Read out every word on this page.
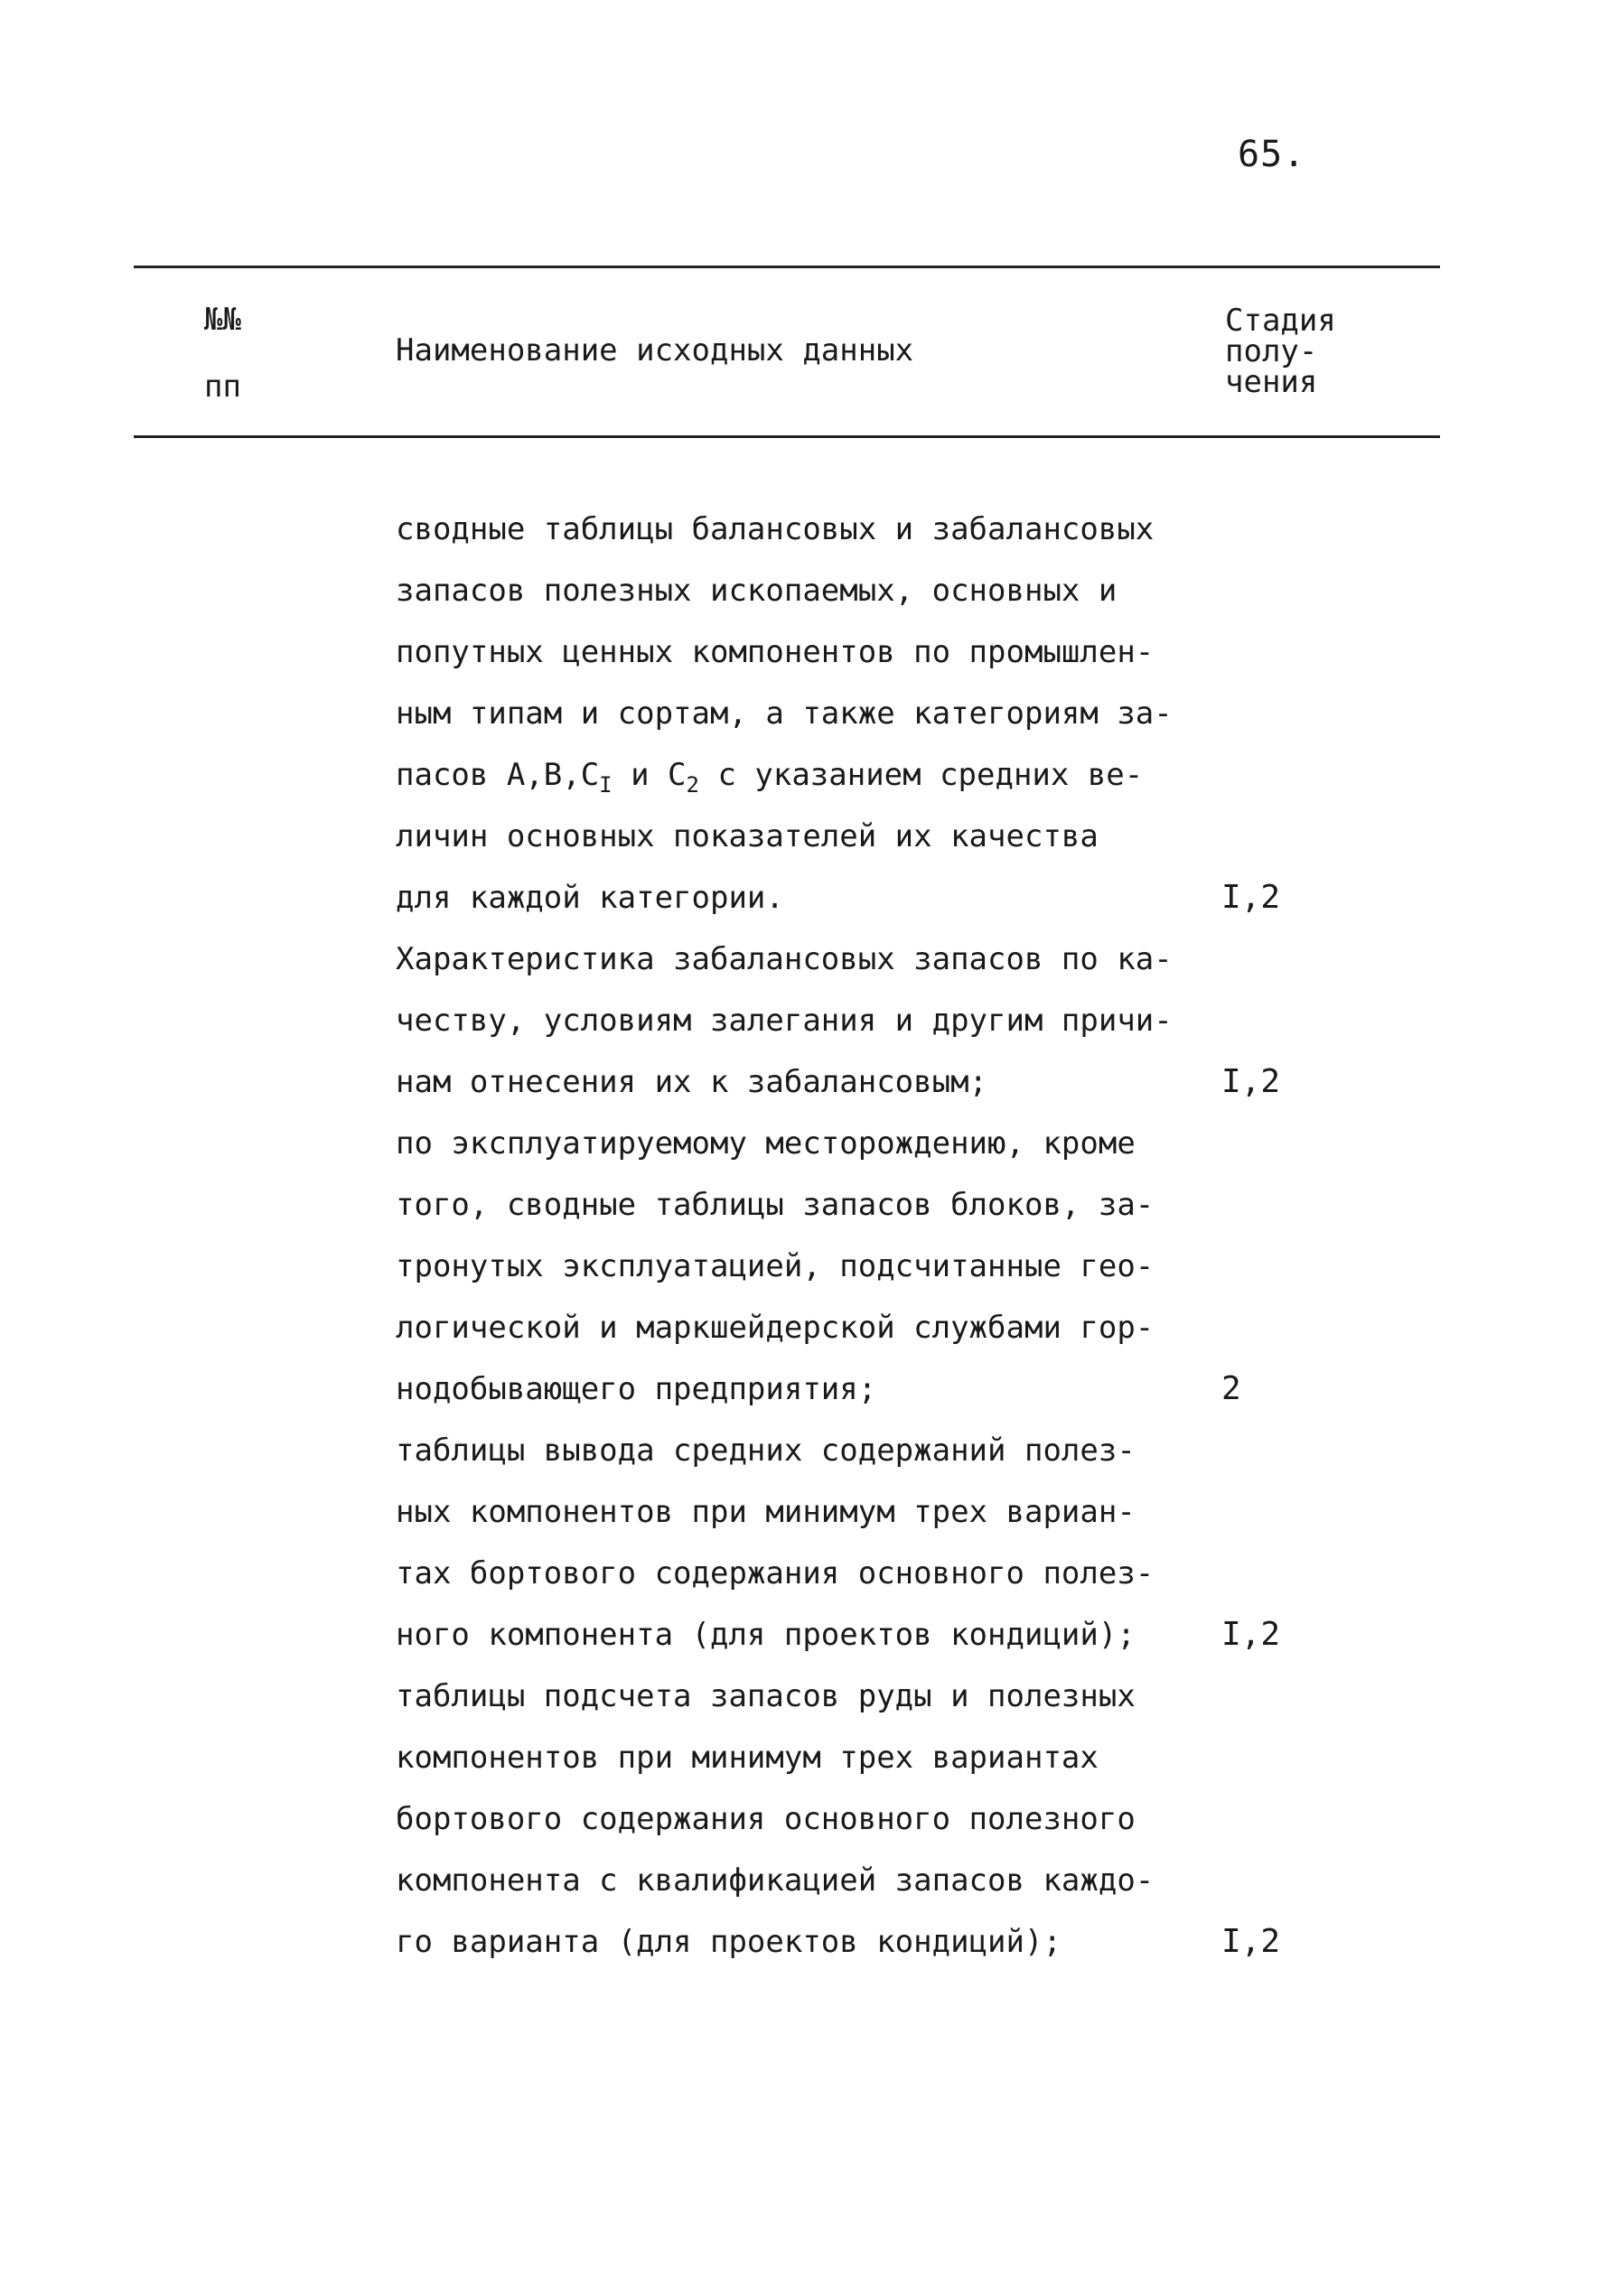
65.
№№
пп
Наименование исходных данных
Стадия
полу-
чения
сводные таблицы балансовых и забалансовых
запасов полезных ископаемых, основных и
попутных ценных компонентов по промышлен-
ным типам и сортам, а также категориям за-
пасов $А,В,С_I$ и $С_2$ с указанием средних ве-
личин основных показателей их качества
для каждой категории.
Характеристика забалансовых запасов по ка-
честву, условиям залегания и другим причи-
нам отнесения их к забалансовым;
по эксплуатируемому месторождению, кроме
того, сводные таблицы запасов блоков, за-
тронутых эксплуатацией, подсчитанные гео-
логической и маркшейдерской службами гор-
нодобывающего предприятия;
таблицы вывода средних содержаний полез-
ных компонентов при минимум трех вариан-
тах бортового содержания основного полез-
ного компонента (для проектов кондиций);
таблицы подсчета запасов руды и полезных
компонентов при минимум трех вариантах
бортового содержания основного полезного
компонента с квалификацией запасов каждо-
го варианта (для проектов кондиций);
I,2
I,2
2
I,2
I,2
